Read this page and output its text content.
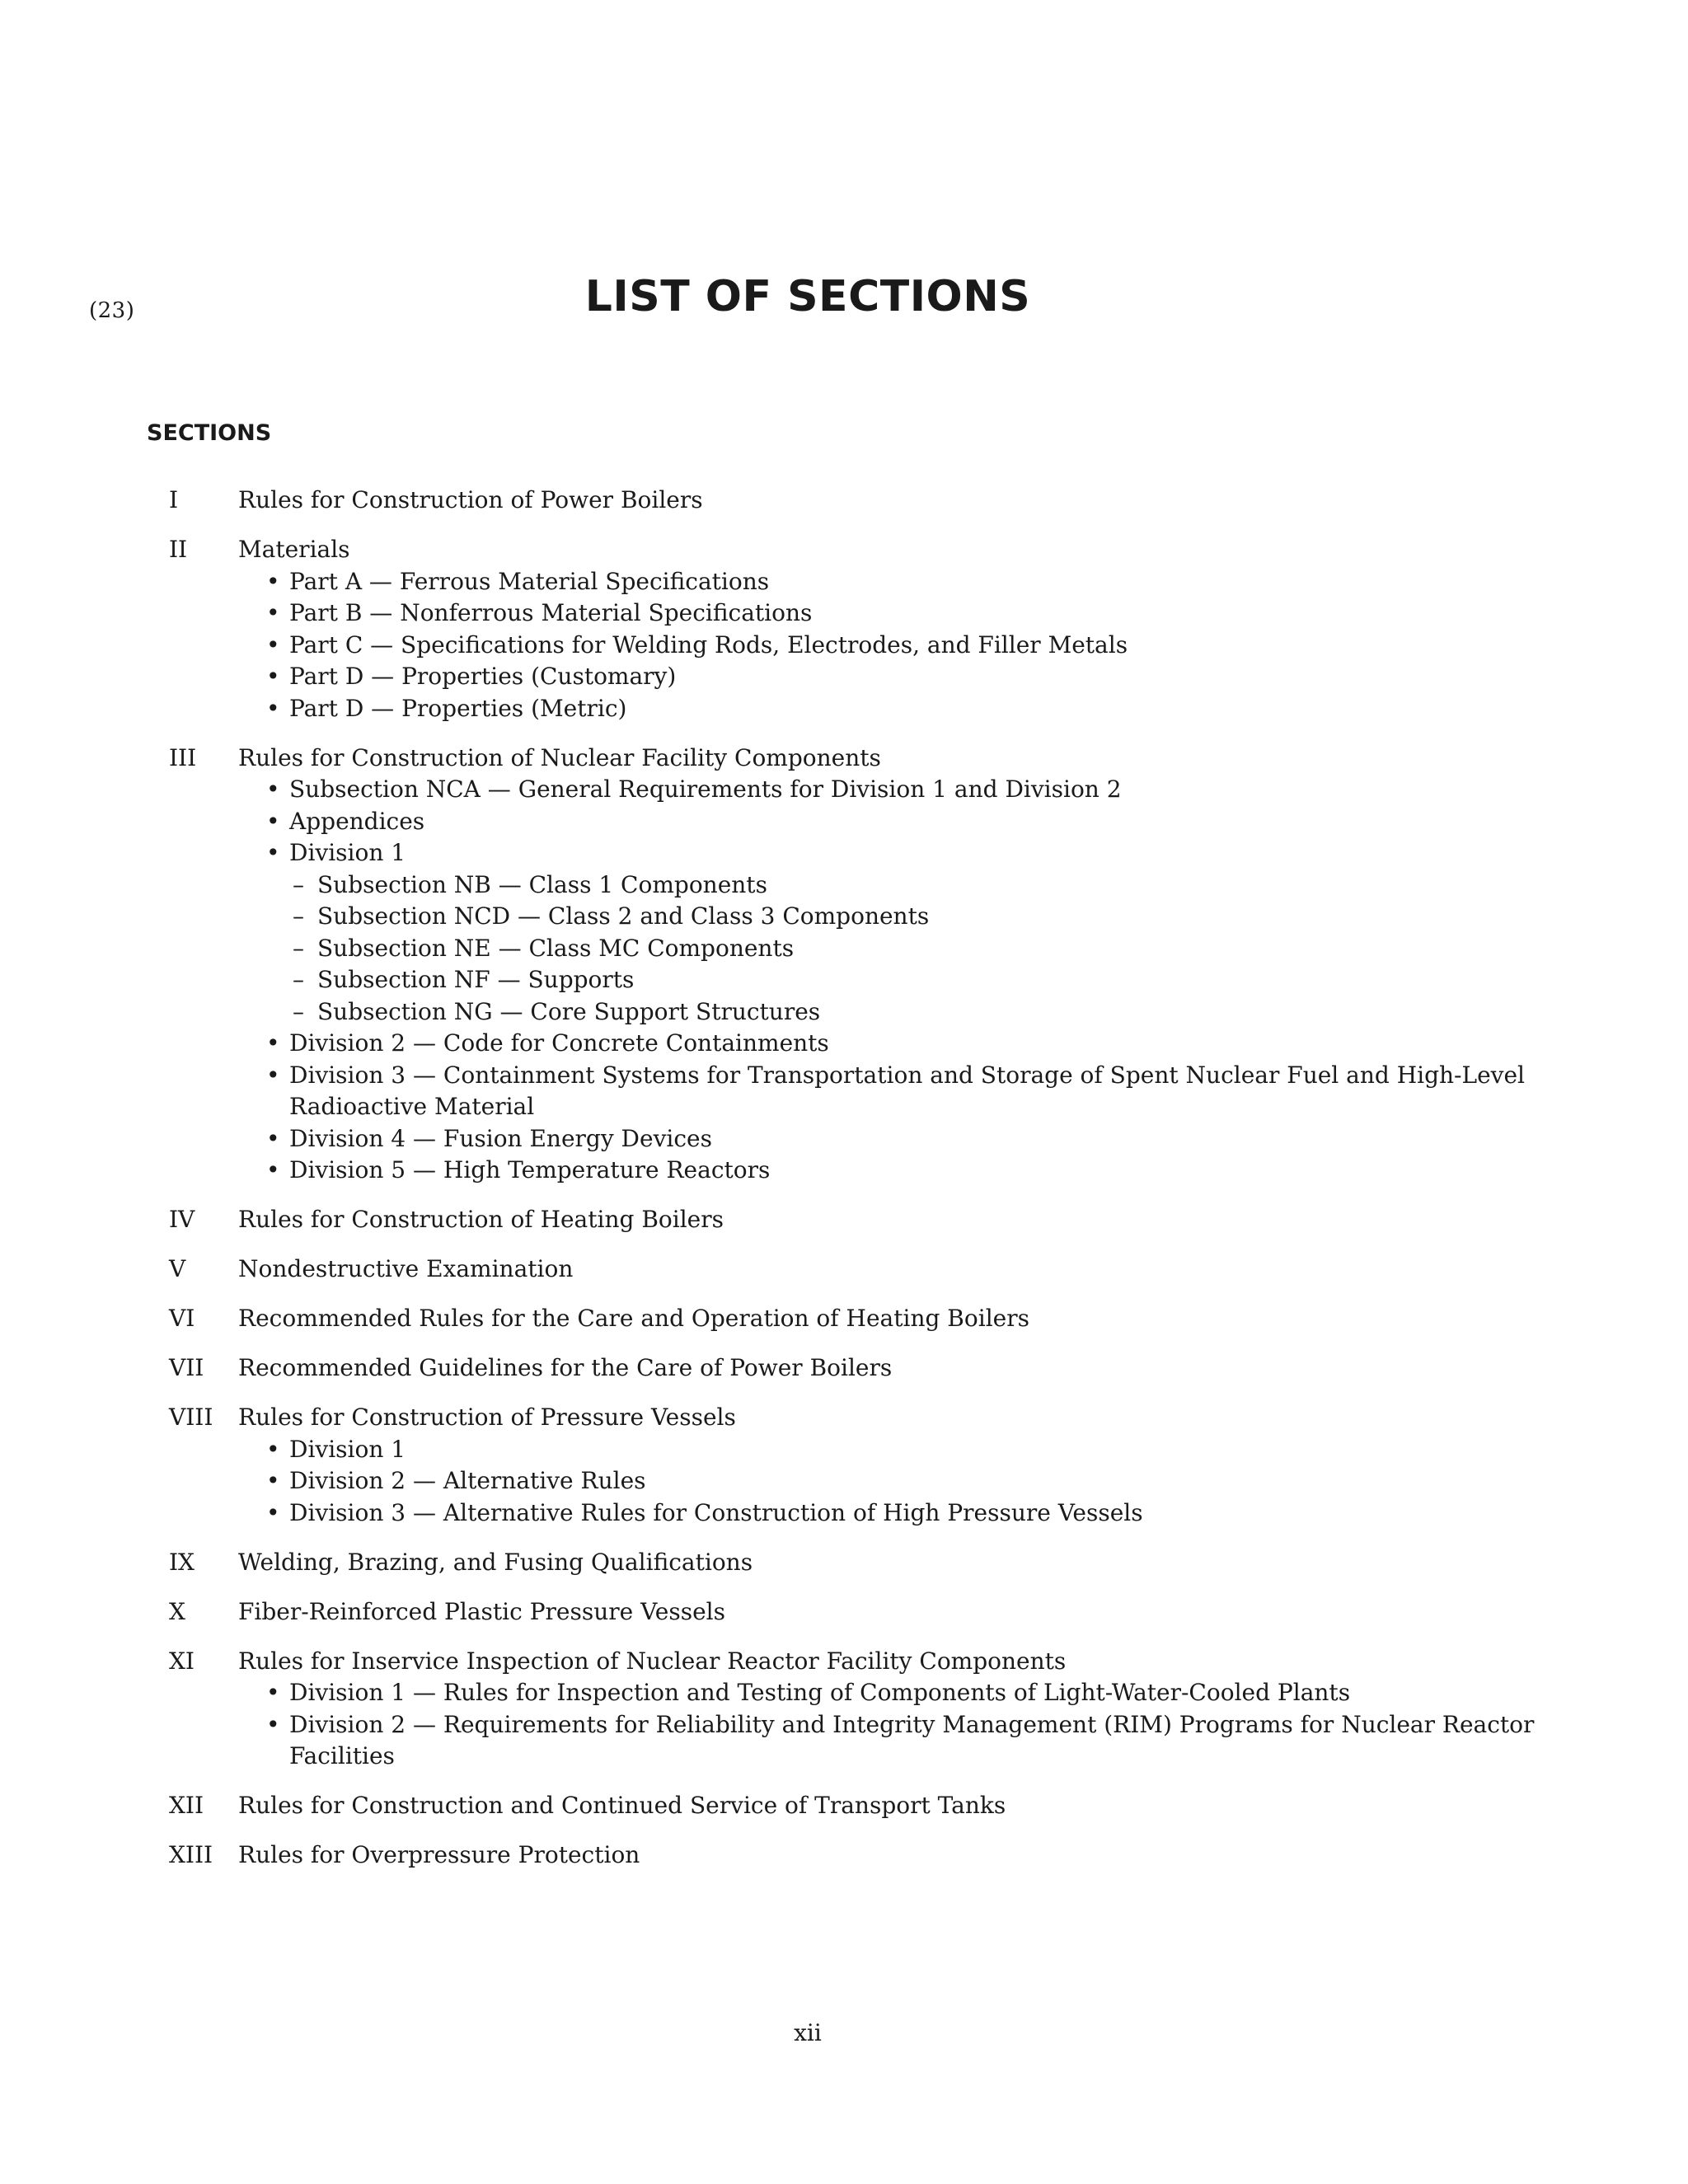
(23)	LIST OF SECTIONS
SECTIONS
I	Rules for Construction of Power Boilers
II	Materials
• Part A — Ferrous Material Specifications
• Part B — Nonferrous Material Specifications
• Part C — Specifications for Welding Rods, Electrodes, and Filler Metals
• Part D — Properties (Customary)
• Part D — Properties (Metric)
III	Rules for Construction of Nuclear Facility Components
• Subsection NCA — General Requirements for Division 1 and Division 2
• Appendices
• Division 1
– Subsection NB — Class 1 Components
– Subsection NCD — Class 2 and Class 3 Components
– Subsection NE — Class MC Components
– Subsection NF — Supports
– Subsection NG — Core Support Structures
• Division 2 — Code for Concrete Containments
• Division 3 — Containment Systems for Transportation and Storage of Spent Nuclear Fuel and High-Level Radioactive Material
• Division 4 — Fusion Energy Devices
• Division 5 — High Temperature Reactors
IV	Rules for Construction of Heating Boilers
V	Nondestructive Examination
VI	Recommended Rules for the Care and Operation of Heating Boilers
VII	Recommended Guidelines for the Care of Power Boilers
VIII	Rules for Construction of Pressure Vessels
• Division 1
• Division 2 — Alternative Rules
• Division 3 — Alternative Rules for Construction of High Pressure Vessels
IX	Welding, Brazing, and Fusing Qualifications
X	Fiber-Reinforced Plastic Pressure Vessels
XI	Rules for Inservice Inspection of Nuclear Reactor Facility Components
• Division 1 — Rules for Inspection and Testing of Components of Light-Water-Cooled Plants
• Division 2 — Requirements for Reliability and Integrity Management (RIM) Programs for Nuclear Reactor Facilities
XII	Rules for Construction and Continued Service of Transport Tanks
XIII	Rules for Overpressure Protection
xii
